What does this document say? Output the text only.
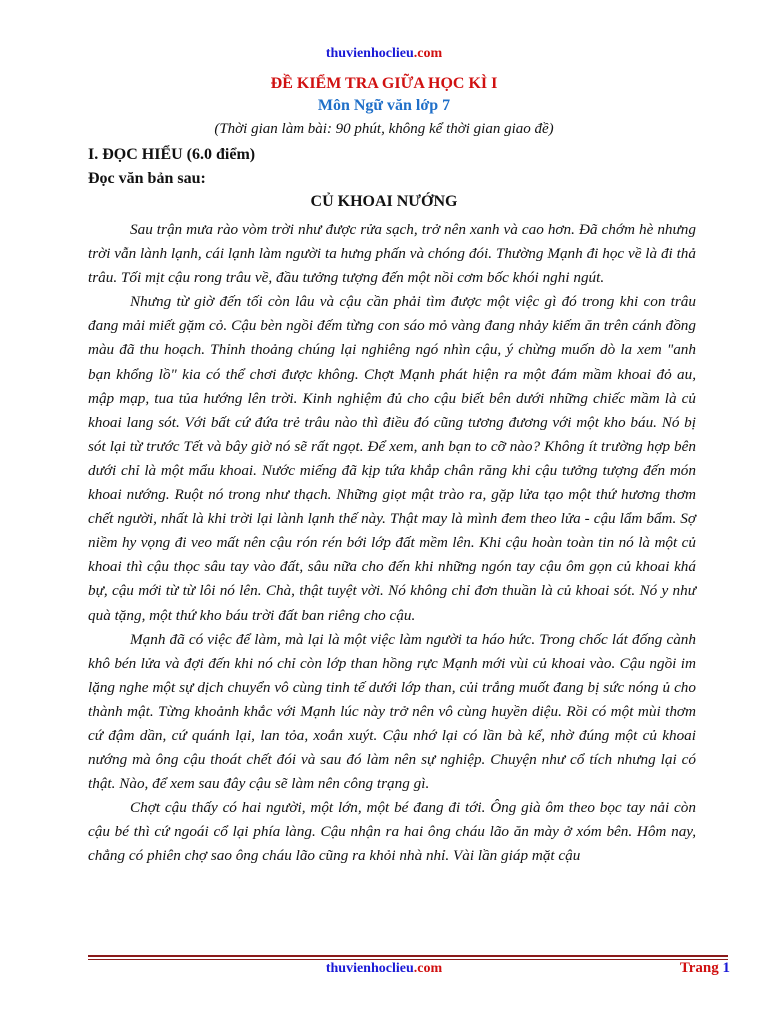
thuvienhoclieu.com
ĐỀ KIỂM TRA GIỮA HỌC KÌ I
Môn Ngữ văn lớp 7
(Thời gian làm bài: 90 phút, không kể thời gian giao đề)
I. ĐỌC HIỂU (6.0 điểm)
Đọc văn bản sau:
CỦ KHOAI NƯỚNG

Sau trận mưa rào vòm trời như được rửa sạch, trở nên xanh và cao hơn. Đã chớm hè nhưng trời vẫn lành lạnh, cái lạnh làm người ta hưng phấn và chóng đói. Thường Mạnh đi học về là đi thả trâu. Tối mịt cậu rong trâu về, đầu tưởng tượng đến một nồi cơm bốc khói nghi ngút.

Nhưng từ giờ đến tối còn lâu và cậu cần phải tìm được một việc gì đó trong khi con trâu đang mải miết gặm cỏ. Cậu bèn ngồi đếm từng con sáo mỏ vàng đang nhảy kiếm ăn trên cánh đồng màu đã thu hoạch. Thỉnh thoảng chúng lại nghiêng ngó nhìn cậu, ý chừng muốn dò la xem "anh bạn khổng lồ" kia có thể chơi được không. Chợt Mạnh phát hiện ra một đám mầm khoai đỏ au, mập mạp, tua tủa hướng lên trời. Kinh nghiệm đủ cho cậu biết bên dưới những chiếc mầm là củ khoai lang sót. Với bất cứ đứa trẻ trâu nào thì điều đó cũng tương đương với một kho báu. Nó bị sót lại từ trước Tết và bây giờ nó sẽ rất ngọt. Để xem, anh bạn to cỡ nào? Không ít trường hợp bên dưới chỉ là một mẩu khoai. Nước miếng đã kịp tứa khắp chân răng khi cậu tưởng tượng đến món khoai nướng. Ruột nó trong như thạch. Những giọt mật trào ra, gặp lửa tạo một thứ hương thơm chết người, nhất là khi trời lại lành lạnh thế này. Thật may là mình đem theo lửa - cậu lẩm bẩm. Sợ niềm hy vọng đi veo mất nên cậu rón rén bới lớp đất mềm lên. Khi cậu hoàn toàn tin nó là một củ khoai thì cậu thọc sâu tay vào đất, sâu nữa cho đến khi những ngón tay cậu ôm gọn củ khoai khá bự, cậu mới từ từ lôi nó lên. Chà, thật tuyệt vời. Nó không chỉ đơn thuần là củ khoai sót. Nó y như quà tặng, một thứ kho báu trời đất ban riêng cho cậu.

Mạnh đã có việc để làm, mà lại là một việc làm người ta háo hức. Trong chốc lát đống cành khô bén lửa và đợi đến khi nó chỉ còn lớp than hồng rực Mạnh mới vùi củ khoai vào. Cậu ngồi im lặng nghe một sự dịch chuyển vô cùng tinh tế dưới lớp than, củi trắng muốt đang bị sức nóng ủ cho thành mật. Từng khoảnh khắc với Mạnh lúc này trở nên vô cùng huyền diệu. Rồi có một mùi thơm cứ đậm dần, cứ quánh lại, lan tỏa, xoắn xuýt. Cậu nhớ lại có lần bà kể, nhờ đúng một củ khoai nướng mà ông cậu thoát chết đói và sau đó làm nên sự nghiệp. Chuyện như cổ tích nhưng lại có thật. Nào, để xem sau đây cậu sẽ làm nên công trạng gì.

Chợt cậu thấy có hai người, một lớn, một bé đang đi tới. Ông già ôm theo bọc tay nải còn cậu bé thì cứ ngoái cổ lại phía làng. Cậu nhận ra hai ông cháu lão ăn mày ở xóm bên. Hôm nay, chẳng có phiên chợ sao ông cháu lão cũng ra khỏi nhà nhỉ. Vài lần giáp mặt cậu

thuvienhoclieu.com	Trang 1
